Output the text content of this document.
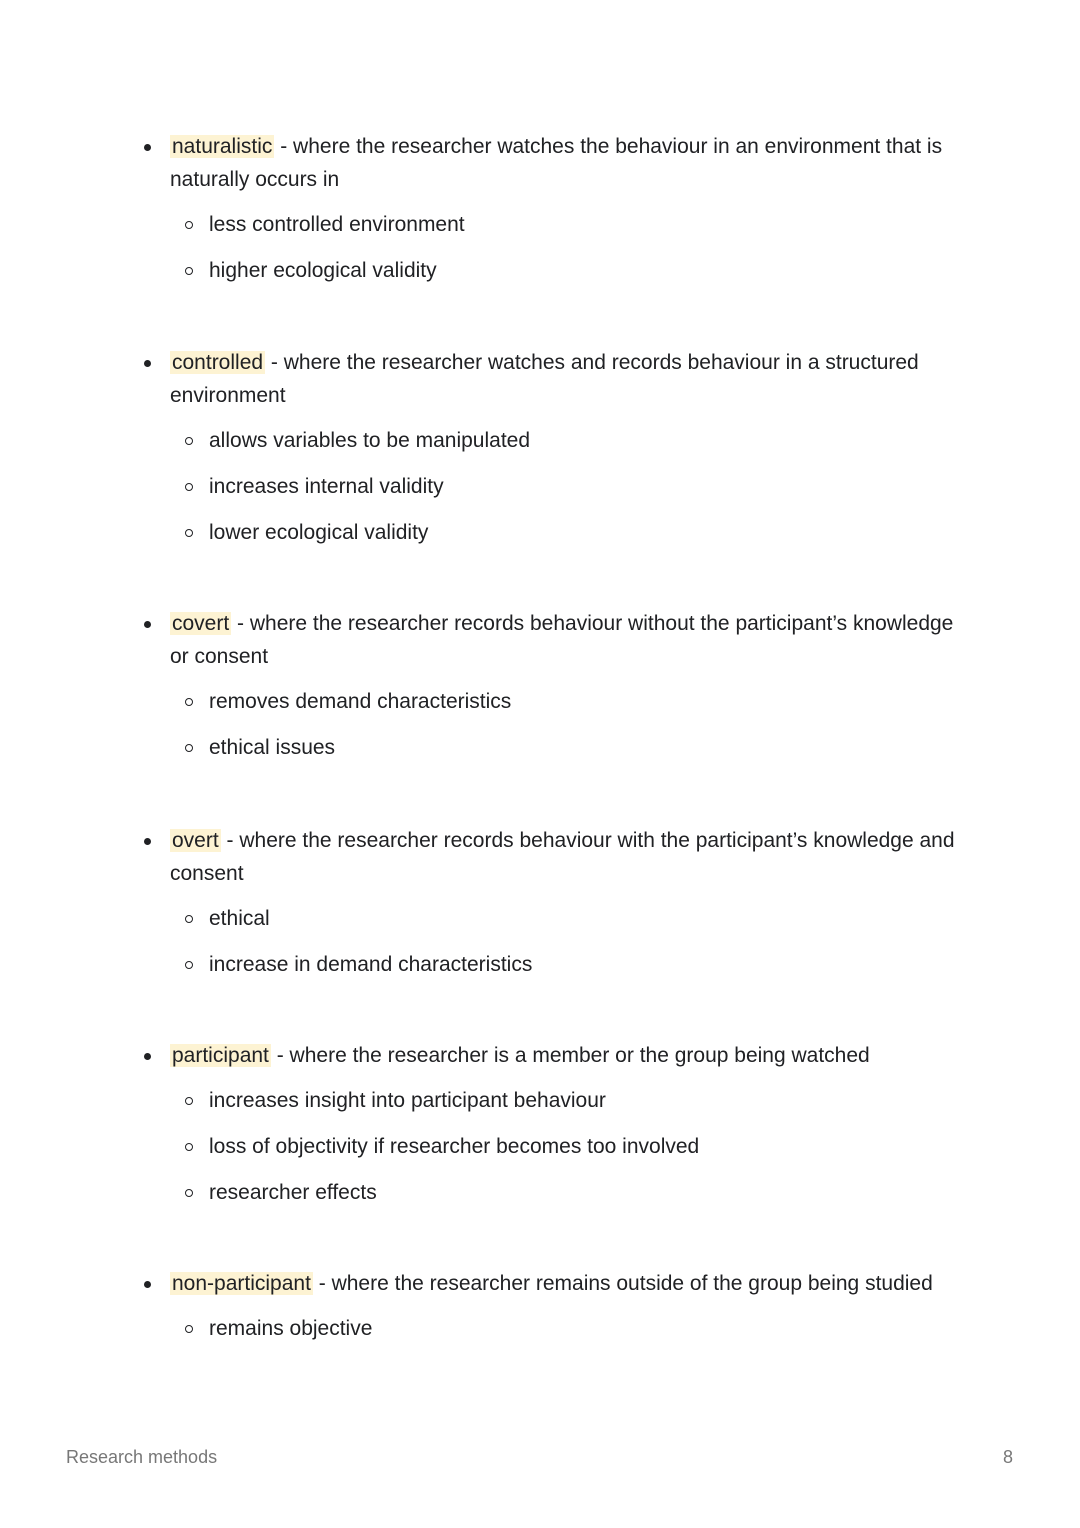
naturalistic - where the researcher watches the behaviour in an environment that is naturally occurs in
less controlled environment
higher ecological validity
controlled - where the researcher watches and records behaviour in a structured environment
allows variables to be manipulated
increases internal validity
lower ecological validity
covert - where the researcher records behaviour without the participant’s knowledge or consent
removes demand characteristics
ethical issues
overt - where the researcher records behaviour with the participant’s knowledge and consent
ethical
increase in demand characteristics
participant - where the researcher is a member or the group being watched
increases insight into participant behaviour
loss of objectivity if researcher becomes too involved
researcher effects
non-participant - where the researcher remains outside of the group being studied
remains objective
Research methods	8
